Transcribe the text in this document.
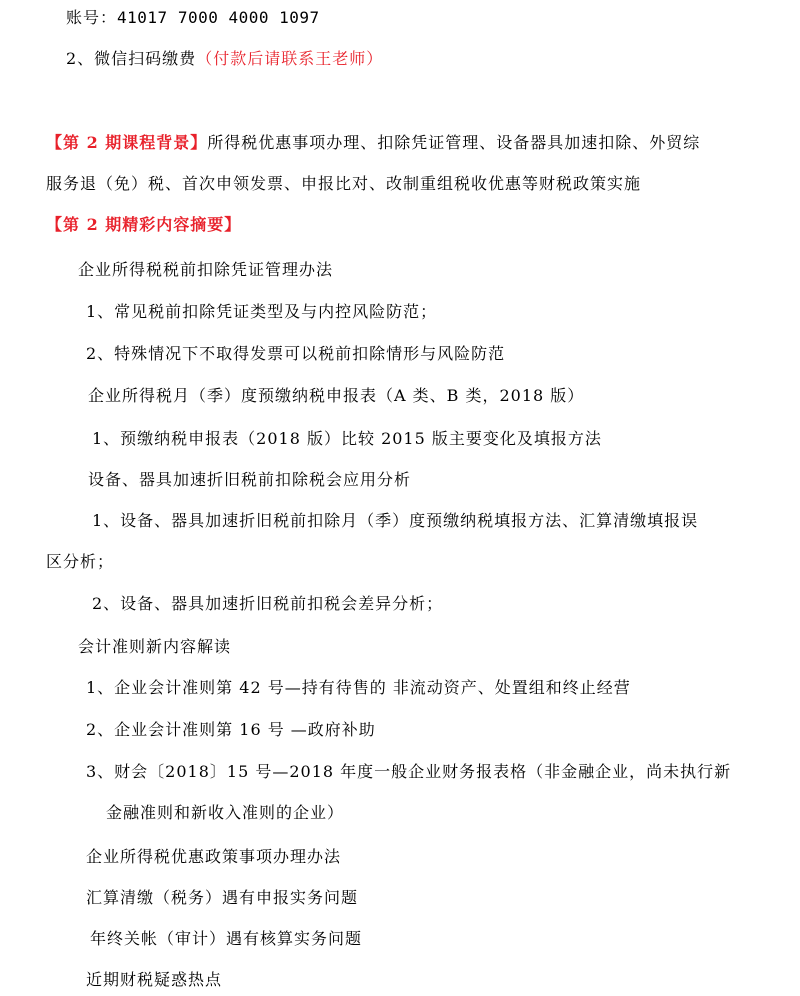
账号：41017 7000 4000 1097
2、微信扫码缴费（付款后请联系王老师）
【第 2 期课程背景】所得税优惠事项办理、扣除凭证管理、设备器具加速扣除、外贸综
服务退（免）税、首次申领发票、申报比对、改制重组税收优惠等财税政策实施
【第 2 期精彩内容摘要】
企业所得税税前扣除凭证管理办法
1、常见税前扣除凭证类型及与内控风险防范；
2、特殊情况下不取得发票可以税前扣除情形与风险防范
企业所得税月（季）度预缴纳税申报表（A 类、B 类，2018 版）
1、预缴纳税申报表（2018 版）比较 2015 版主要变化及填报方法
设备、器具加速折旧税前扣除税会应用分析
1、设备、器具加速折旧税前扣除月（季）度预缴纳税填报方法、汇算清缴填报误
区分析；
2、设备、器具加速折旧税前扣税会差异分析；
会计准则新内容解读
1、企业会计准则第 42 号—持有待售的 非流动资产、处置组和终止经营
2、企业会计准则第 16 号 —政府补助
3、财会〔2018〕15 号—2018 年度一般企业财务报表格（非金融企业，尚未执行新
金融准则和新收入准则的企业）
企业所得税优惠政策事项办理办法
汇算清缴（税务）遇有申报实务问题
年终关帐（审计）遇有核算实务问题
近期财税疑惑热点
